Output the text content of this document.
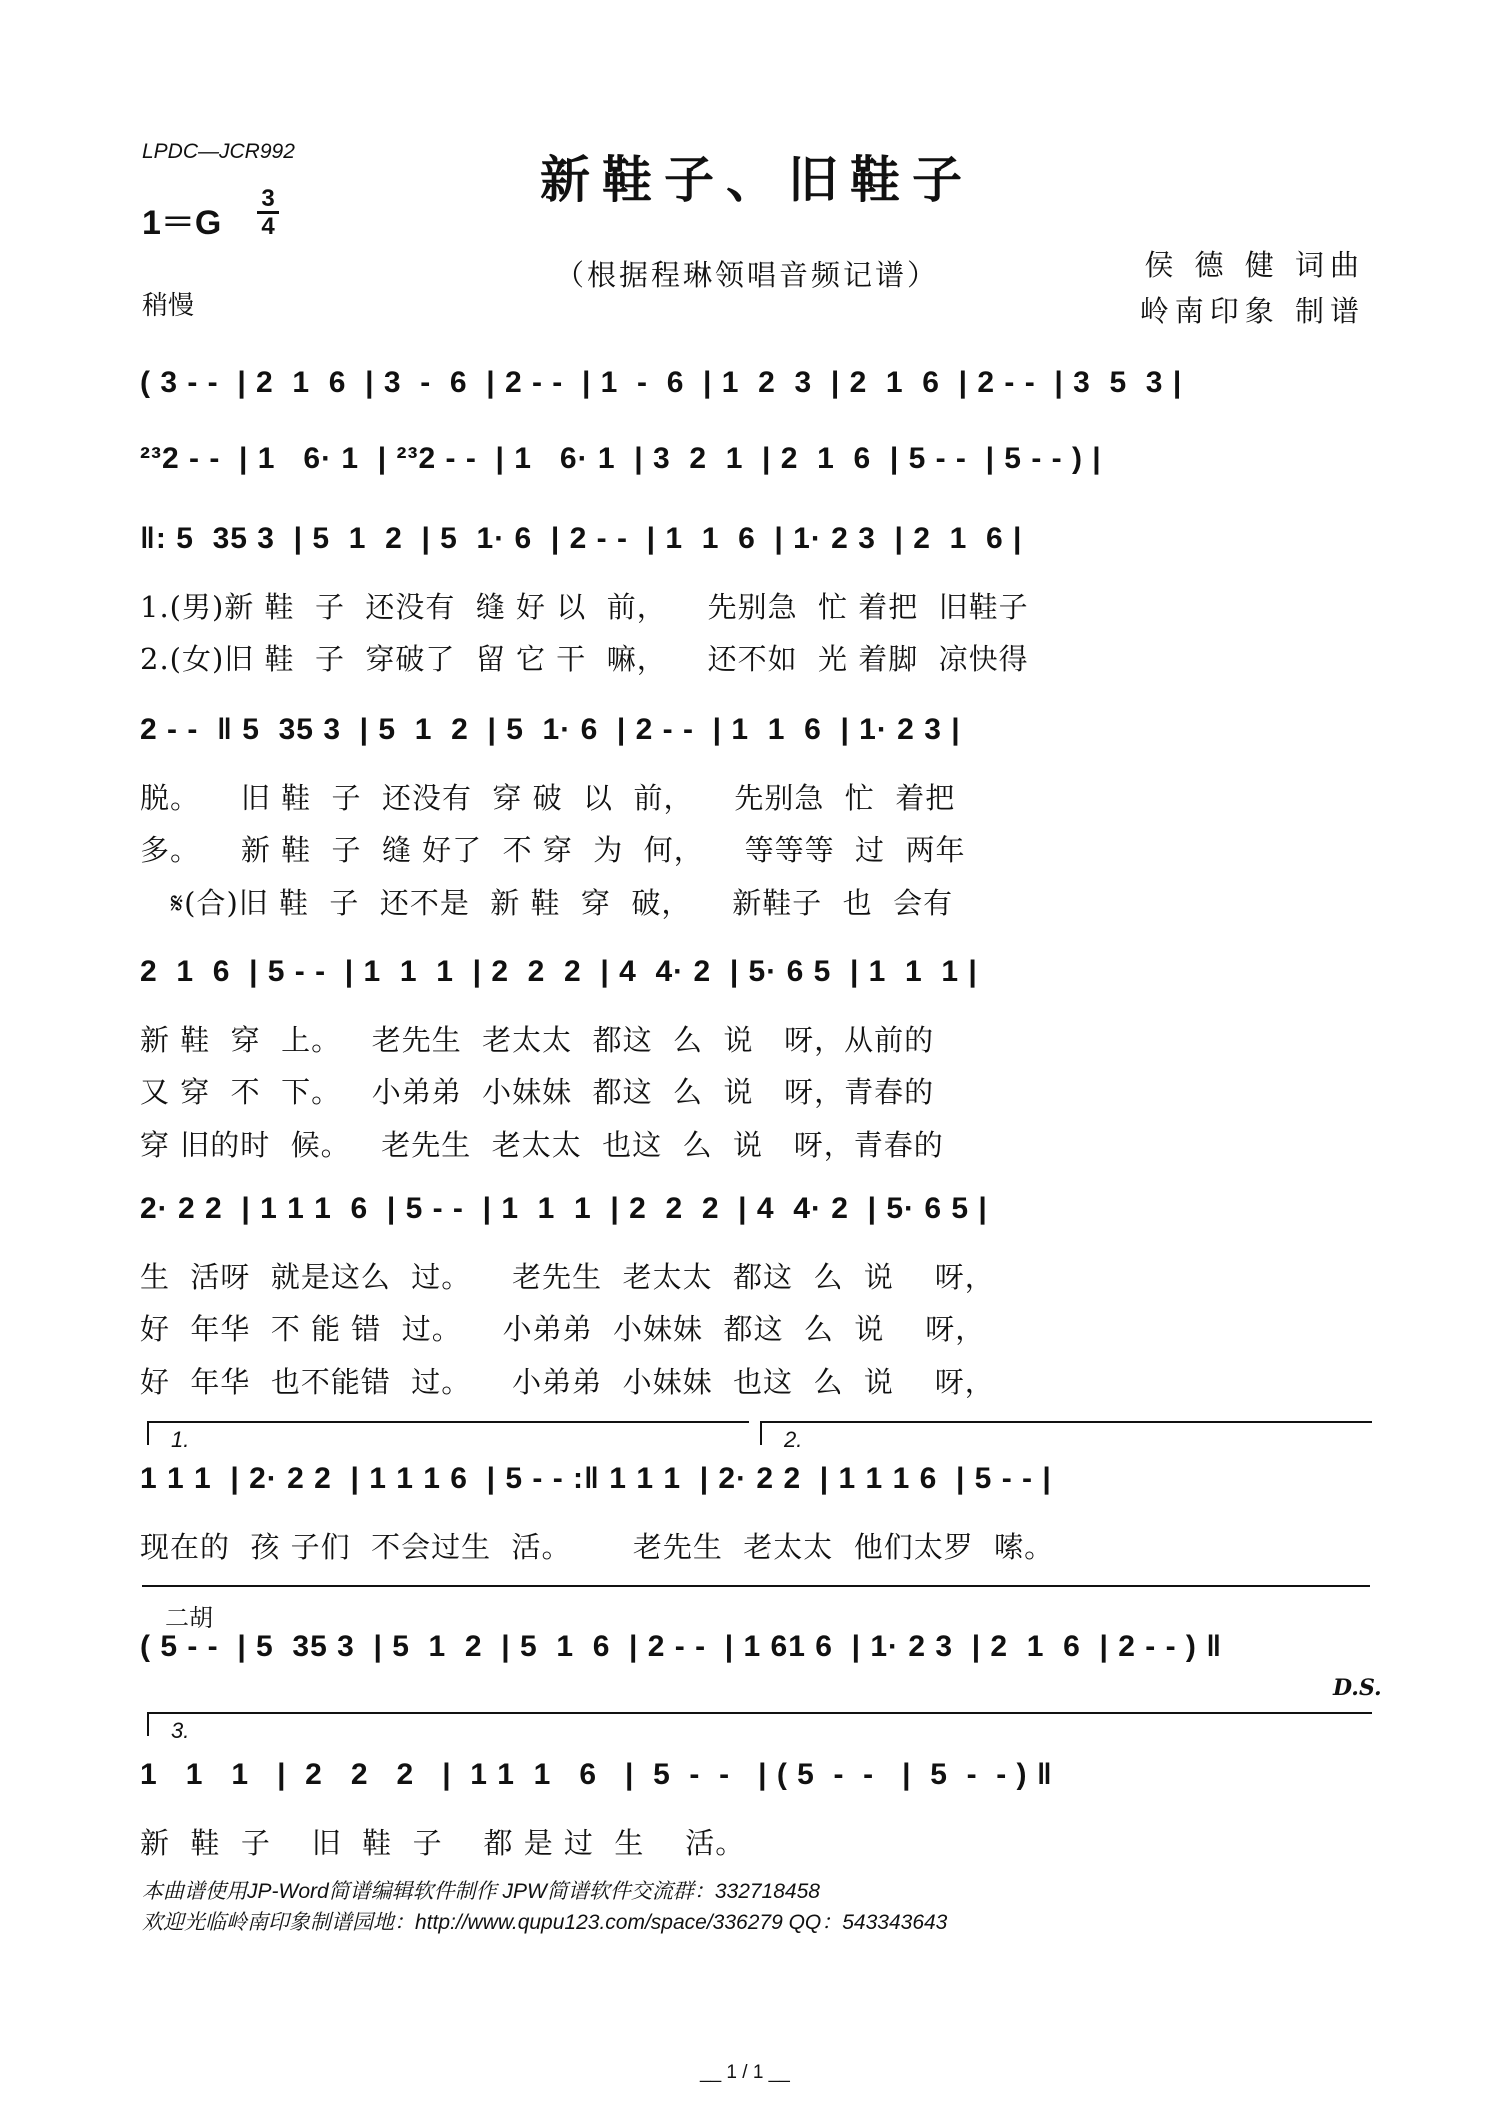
LPDC—JCR992	新鞋子、旧鞋子
1＝G
3
4
稍慢
（根据程琳领唱音频记谱）	侯 德 健 词曲
岭南印象 制谱
( 3 - -  | 2  1  6  | 3  -  6  | 2 - -  | 1  -  6  | 1  2  3  | 2  1  6  | 2 - -  | 3  5  3 |
²³2 - -  | 1   6· 1  | ²³2 - -  | 1   6· 1  | 3  2  1  | 2  1  6  | 5 - -  | 5 - - ) |
‖: 5  35 3  | 5  1  2  | 5  1· 6  | 2 - -  | 1  1  6  | 1· 2 3  | 2  1  6 |
1.(男)新 鞋  子  还没有  缝 好 以  前，    先别急  忙 着把  旧鞋子
2.(女)旧 鞋  子  穿破了  留 它 干  嘛，    还不如  光 着脚  凉快得
2 - -  ‖ 5  35 3  | 5  1  2  | 5  1· 6  | 2 - -  | 1  1  6  | 1· 2 3 |
脱。    旧 鞋  子  还没有  穿 破  以  前，    先别急  忙  着把
多。    新 鞋  子  缝 好了  不 穿  为  何，    等等等  过  两年
𝄋(合)旧 鞋  子  还不是  新 鞋  穿  破，    新鞋子  也  会有
2  1  6  | 5 - -  | 1  1  1  | 2  2  2  | 4  4· 2  | 5· 6 5  | 1  1  1 |
新 鞋  穿  上。   老先生  老太太  都这  么  说   呀，从前的
又 穿  不  下。   小弟弟  小妹妹  都这  么  说   呀，青春的
穿 旧的时  候。   老先生  老太太  也这  么  说   呀，青春的
2· 2 2  | 1 1 1  6  | 5 - -  | 1  1  1  | 2  2  2  | 4  4· 2  | 5· 6 5 |
生  活呀  就是这么  过。    老先生  老太太  都这  么  说    呀，
好  年华  不 能 错  过。    小弟弟  小妹妹  都这  么  说    呀，
好  年华  也不能错  过。    小弟弟  小妹妹  也这  么  说    呀，
1.	2.
1 1 1  | 2· 2 2  | 1 1 1 6  | 5 - - :‖ 1 1 1  | 2· 2 2  | 1 1 1 6  | 5 - - |
现在的  孩 子们  不会过生  活。      老先生  老太太  他们太罗  嗦。
二胡
( 5 - -  | 5  35 3  | 5  1  2  | 5  1  6  | 2 - -  | 1 61 6  | 1· 2 3  | 2  1  6  | 2 - - ) ‖
D.S.
3.
1   1   1   |  2   2   2   |  1 1  1   6   |  5  -  -   | ( 5  -  -   |  5  -  - ) ‖
新  鞋  子    旧  鞋  子    都 是 过  生    活。
本曲谱使用JP-Word简谱编辑软件制作 JPW简谱软件交流群：332718458
欢迎光临岭南印象制谱园地：http://www.qupu123.com/space/336279 QQ：543343643
__ 1 / 1 __
